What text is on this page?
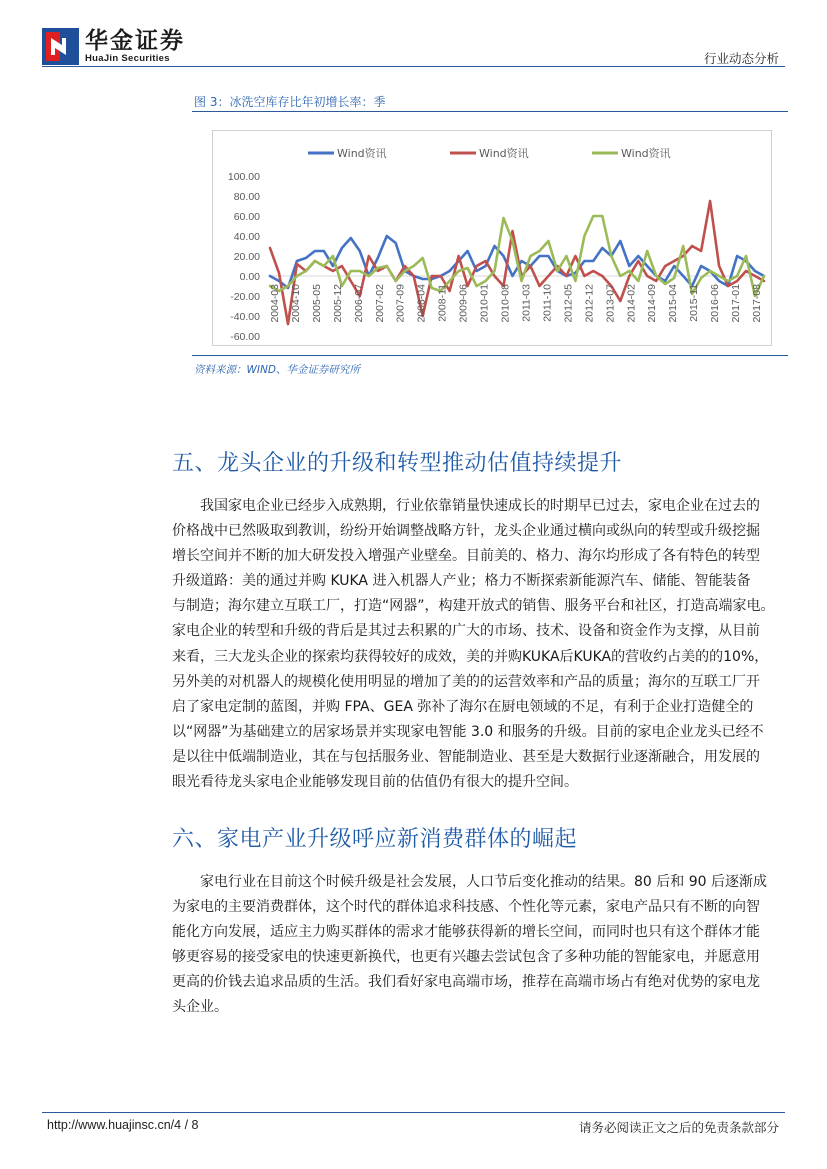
华金证券
HuaJin Securities	行业动态分析
图 3：冰洗空库存比年初增长率：季
100.00
80.00
60.00
40.00
20.00
0.00
-20.00
-40.00
-60.00
2004-03 2004-10 2005-05 2005-12 2006-07 2007-02 2007-09 2008-04 2008-11 2009-06 2010-01 2010-08 2011-03 2011-10 2012-05 2012-12 2013-07 2014-02 2014-09 2015-04 2015-11 2016-06 2017-01 2017-08
Wind资讯	Wind资讯	Wind资讯
资料来源：WIND、华金证券研究所
五、龙头企业的升级和转型推动估值持续提升
我国家电企业已经步入成熟期，行业依靠销量快速成长的时期早已过去，家电企业在过去的
价格战中已然吸取到教训，纷纷开始调整战略方针，龙头企业通过横向或纵向的转型或升级挖掘
增长空间并不断的加大研发投入增强产业壁垒。目前美的、格力、海尔均形成了各有特色的转型
升级道路：美的通过并购 KUKA 进入机器人产业；格力不断探索新能源汽车、储能、智能装备
与制造；海尔建立互联工厂，打造“网器”，构建开放式的销售、服务平台和社区，打造高端家电。
家电企业的转型和升级的背后是其过去积累的广大的市场、技术、设备和资金作为支撑，从目前
来看，三大龙头企业的探索均获得较好的成效，美的并购KUKA后KUKA的营收约占美的的10%，
另外美的对机器人的规模化使用明显的增加了美的的运营效率和产品的质量；海尔的互联工厂开
启了家电定制的蓝图，并购 FPA、GEA 弥补了海尔在厨电领域的不足，有利于企业打造健全的
以“网器”为基础建立的居家场景并实现家电智能 3.0 和服务的升级。目前的家电企业龙头已经不
是以往中低端制造业，其在与包括服务业、智能制造业、甚至是大数据行业逐渐融合，用发展的
眼光看待龙头家电企业能够发现目前的估值仍有很大的提升空间。
六、家电产业升级呼应新消费群体的崛起
家电行业在目前这个时候升级是社会发展，人口节后变化推动的结果。80 后和 90 后逐渐成
为家电的主要消费群体，这个时代的群体追求科技感、个性化等元素，家电产品只有不断的向智
能化方向发展，适应主力购买群体的需求才能够获得新的增长空间，而同时也只有这个群体才能
够更容易的接受家电的快速更新换代，也更有兴趣去尝试包含了多种功能的智能家电，并愿意用
更高的价钱去追求品质的生活。我们看好家电高端市场，推荐在高端市场占有绝对优势的家电龙
头企业。
http://www.huajinsc.cn/4 / 8	请务必阅读正文之后的免责条款部分
